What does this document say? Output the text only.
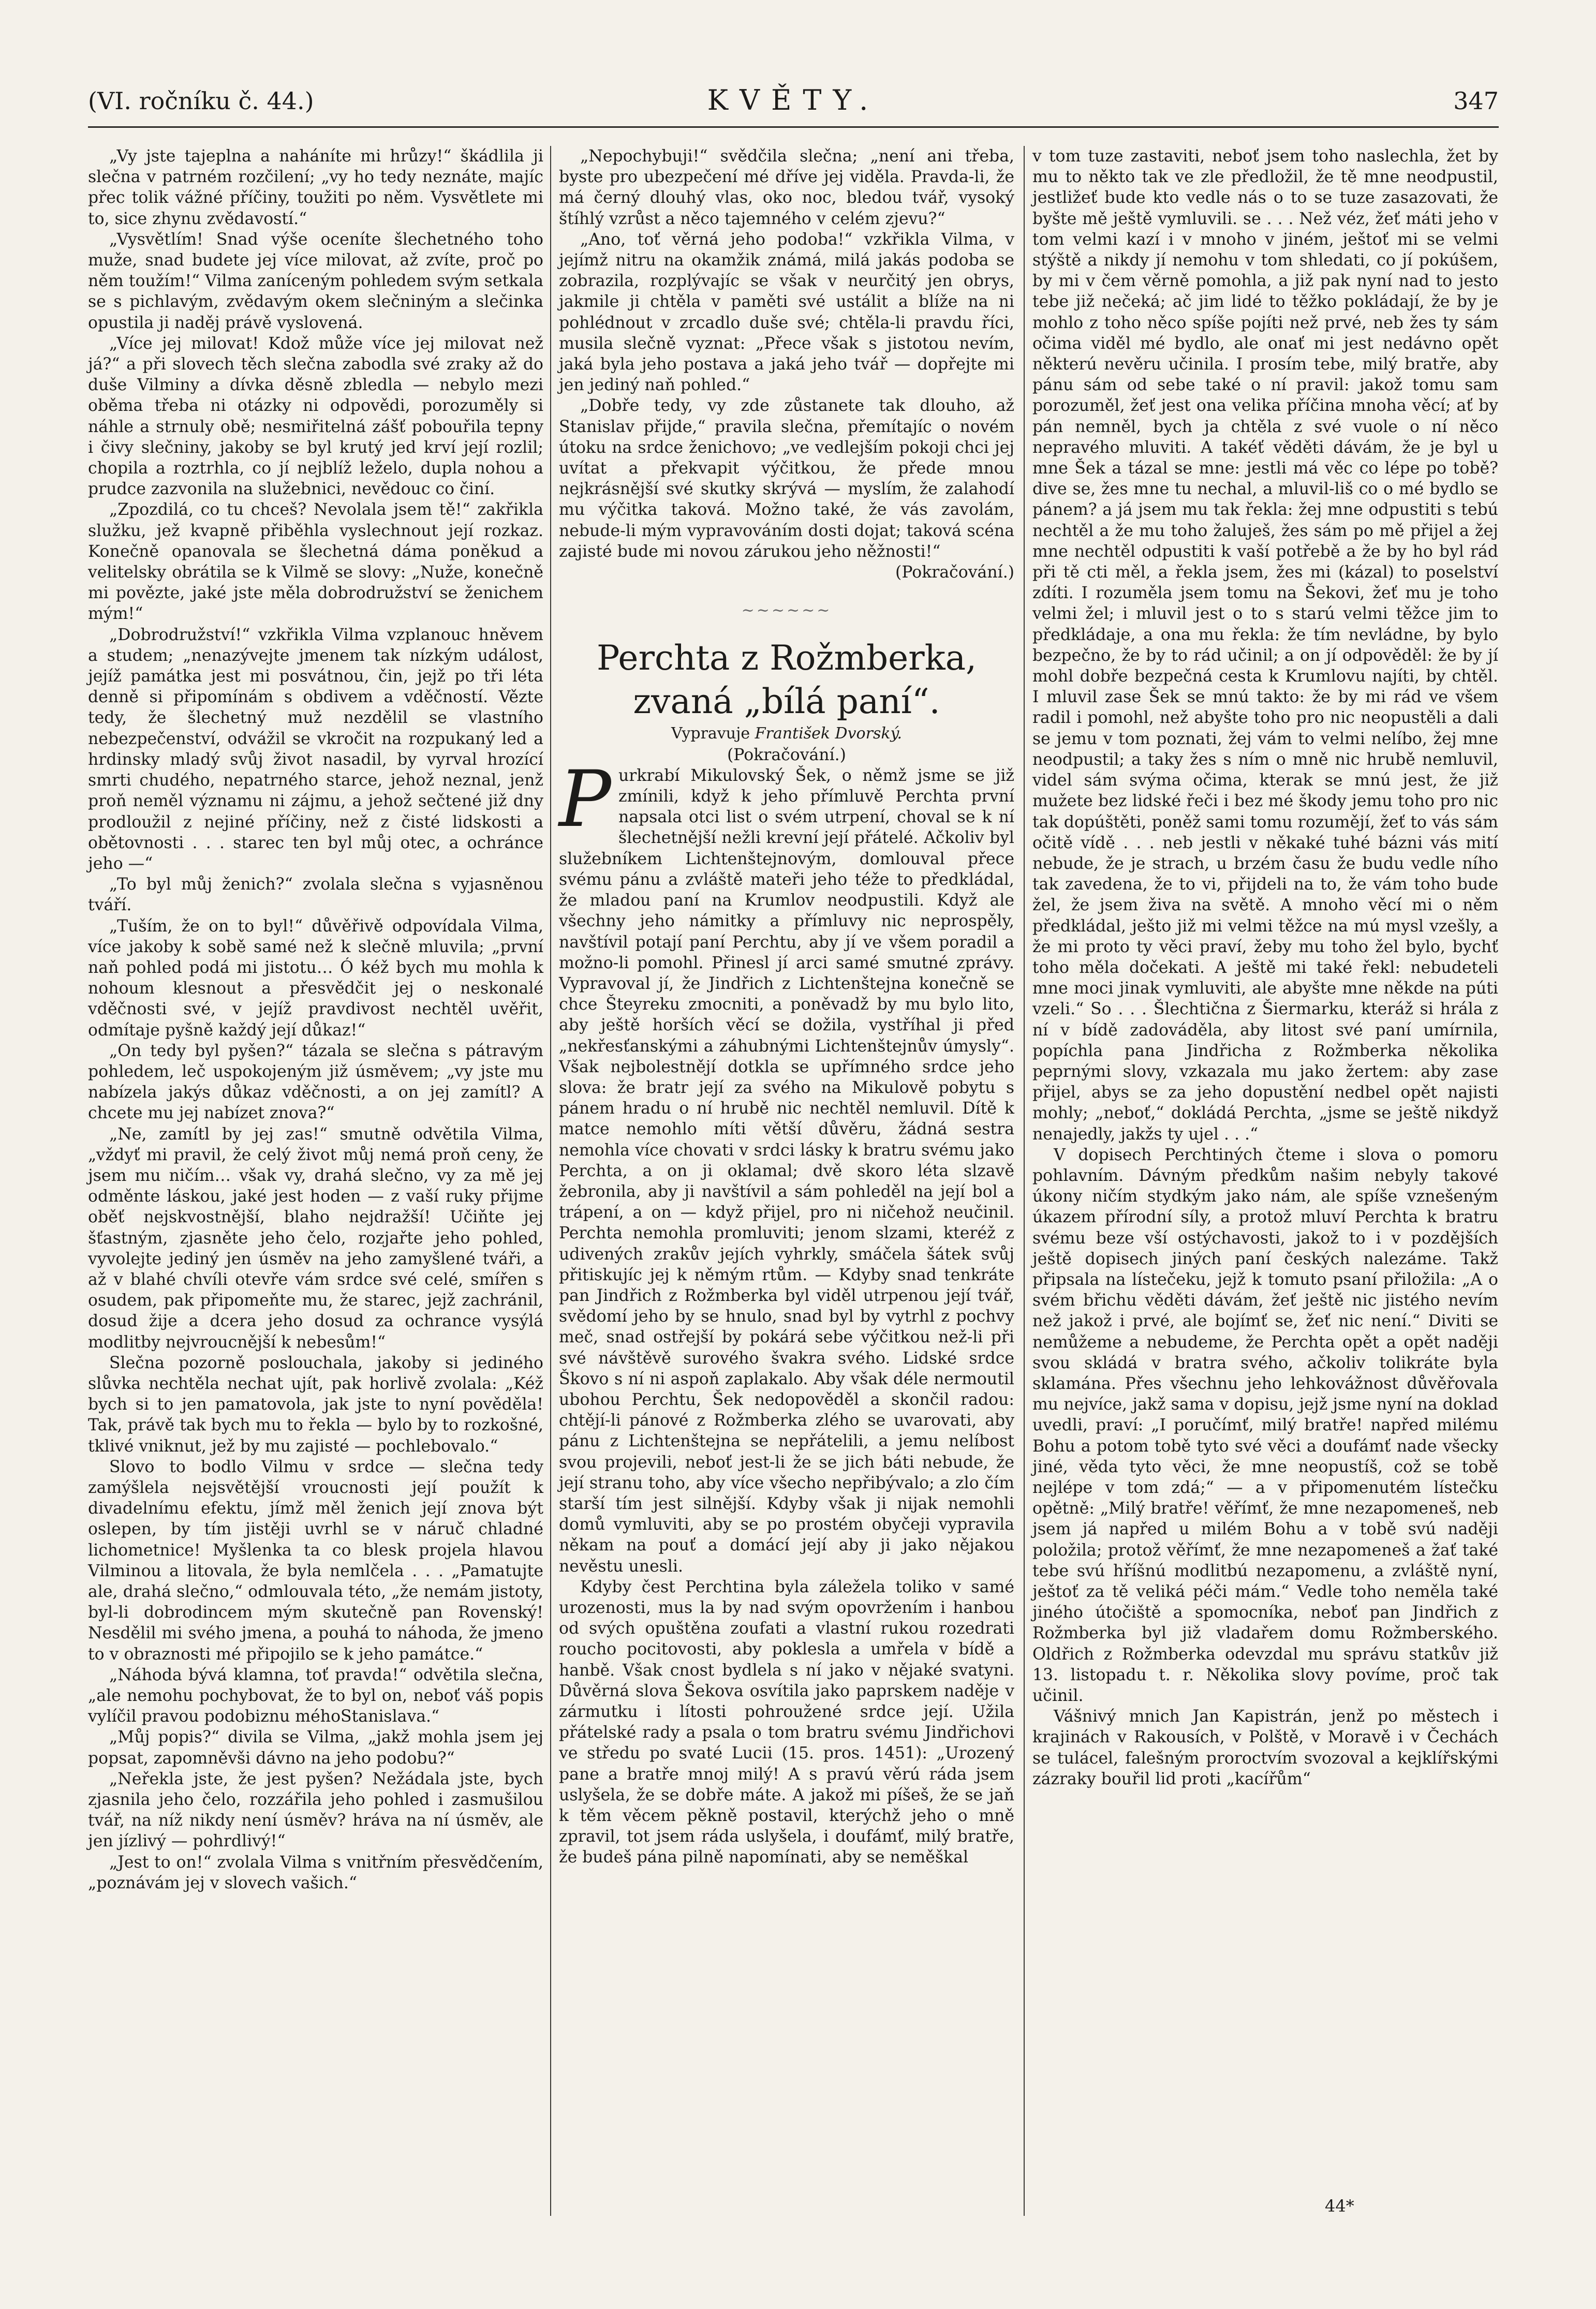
(VI. ročníku č. 44.)	KVĚTY.	347

„Vy jste tajeplna a naháníte mi hrůzy!“ škádlila ji slečna v patrném rozčilení; „vy ho tedy neznáte, majíc přec tolik vážné příčiny, toužiti po něm. Vysvětlete mi to, sice zhynu zvědavostí.“

„Vysvětlím! Snad výše oceníte šlechetného toho muže, snad budete jej více milovat, až zvíte, proč po něm toužím!“ Vilma zaníceným pohledem svým setkala se s pichlavým, zvědavým okem slečniným a slečinka opustila ji naděj právě vyslovená.

„Více jej milovat! Kdož může více jej milovat než já?“ a při slovech těch slečna zabodla své zraky až do duše Vilminy a dívka děsně zbledla — nebylo mezi oběma třeba ni otázky ni odpovědi, porozuměly si náhle a strnuly obě; nesmiřitelná zášť pobouřila tepny i čivy slečniny, jakoby se byl krutý jed krví její rozlil; chopila a roztrhla, co jí nejblíž leželo, dupla nohou a prudce zazvonila na služebnici, nevědouc co činí.

„Zpozdilá, co tu chceš? Nevolala jsem tě!“ zakřikla služku, jež kvapně přiběhla vyslechnout její rozkaz. Konečně opanovala se šlechetná dáma poněkud a velitelsky obrátila se k Vilmě se slovy: „Nuže, konečně mi povězte, jaké jste měla dobrodružství se ženichem mým!“

„Dobrodružství!“ vzkřikla Vilma vzplanouc hněvem a studem; „nenazývejte jmenem tak nízkým událost, jejíž památka jest mi posvátnou, čin, jejž po tři léta denně si připomínám s obdivem a vděčností. Vězte tedy, že šlechetný muž nezdělil se vlastního nebezpečenství, odvážil se vkročit na rozpukaný led a hrdinsky mladý svůj život nasadil, by vyrval hrozící smrti chudého, nepatrného starce, jehož neznal, jenž proň neměl významu ni zájmu, a jehož sečtené již dny prodloužil z nejiné příčiny, než z čisté lidskosti a obětovnosti . . . starec ten byl můj otec, a ochránce jeho —“

„To byl můj ženich?“ zvolala slečna s vyjasněnou tváří.

„Tuším, že on to byl!“ důvěřivě odpovídala Vilma, více jakoby k sobě samé než k slečně mluvila; „první naň pohled podá mi jistotu… Ó kéž bych mu mohla k nohoum klesnout a přesvědčit jej o neskonalé vděčnosti své, v jejíž pravdivost nechtěl uvěřit, odmítaje pyšně každý její důkaz!“

„On tedy byl pyšen?“ tázala se slečna s pátravým pohledem, leč uspokojeným již úsměvem; „vy jste mu nabízela jakýs důkaz vděčnosti, a on jej zamítl? A chcete mu jej nabízet znova?“

„Ne, zamítl by jej zas!“ smutně odvětila Vilma, „vždyť mi pravil, že celý život můj nemá proň ceny, že jsem mu ničím… však vy, drahá slečno, vy za mě jej odměnte láskou, jaké jest hoden — z vaší ruky přijme oběť nejskvostnější, blaho nejdražší! Učiňte jej šťastným, zjasněte jeho čelo, rozjařte jeho pohled, vyvolejte jediný jen úsměv na jeho zamyšlené tváři, a až v blahé chvíli otevře vám srdce své celé, smířen s osudem, pak připomeňte mu, že starec, jejž zachránil, dosud žije a dcera jeho dosud za ochrance vysýlá modlitby nejvroucnější k nebesům!“

Slečna pozorně poslouchala, jakoby si jediného slůvka nechtěla nechat ujít, pak horlivě zvolala: „Kéž bych si to jen pamatovola, jak jste to nyní pověděla! Tak, právě tak bych mu to řekla — bylo by to rozkošné, tklivé vniknut, jež by mu zajisté — pochlebovalo.“

Slovo to bodlo Vilmu v srdce — slečna tedy zamýšlela nejsvětější vroucnosti její použít k divadelnímu efektu, jímž měl ženich její znova být oslepen, by tím jistěji uvrhl se v náruč chladné lichometnice! Myšlenka ta co blesk projela hlavou Vilminou a litovala, že byla nemlčela . . . „Pamatujte ale, drahá slečno,“ odmlouvala této, „že nemám jistoty, byl-li dobrodincem mým skutečně pan Rovenský! Nesdělil mi svého jmena, a pouhá to náhoda, že jmeno to v obraznosti mé připojilo se k jeho památce.“

„Náhoda bývá klamna, toť pravda!“ odvětila slečna, „ale nemohu pochybovat, že to byl on, neboť váš popis vylíčil pravou podobiznu méhoStanislava.“

„Můj popis?“ divila se Vilma, „jakž mohla jsem jej popsat, zapomněvši dávno na jeho podobu?“

„Neřekla jste, že jest pyšen? Nežádala jste, bych zjasnila jeho čelo, rozzářila jeho pohled i zasmušilou tvář, na níž nikdy není úsměv? hráva na ní úsměv, ale jen jízlivý — pohrdlivý!“

„Jest to on!“ zvolala Vilma s vnitřním přesvědčením, „poznávám jej v slovech vašich.“

„Nepochybuji!“ svědčila slečna; „není ani třeba, byste pro ubezpečení mé dříve jej viděla. Pravda-li, že má černý dlouhý vlas, oko noc, bledou tvář, vysoký štíhlý vzrůst a něco tajemného v celém zjevu?“

„Ano, toť věrná jeho podoba!“ vzkřikla Vilma, v jejímž nitru na okamžik známá, milá jakás podoba se zobrazila, rozplývajíc se však v neurčitý jen obrys, jakmile ji chtěla v paměti své ustálit a blíže na ni pohlédnout v zrcadlo duše své; chtěla-li pravdu říci, musila slečně vyznat: „Přece však s jistotou nevím, jaká byla jeho postava a jaká jeho tvář — dopřejte mi jen jediný naň pohled.“

„Dobře tedy, vy zde zůstanete tak dlouho, až Stanislav přijde,“ pravila slečna, přemítajíc o novém útoku na srdce ženichovo; „ve vedlejším pokoji chci jej uvítat a překvapit výčitkou, že přede mnou nejkrásnější své skutky skrývá — myslím, že zalahodí mu výčitka taková. Možno také, že vás zavolám, nebude-li mým vypravováním dosti dojat; taková scéna zajisté bude mi novou zárukou jeho něžnosti!“

(Pokračování.)

~~~~~~

Perchta z Rožmberka, zvaná „bílá paní“.

Vypravuje František Dvorský.

(Pokračování.)

Purkrabí Mikulovský Šek, o němž jsme se již zmínili, když k jeho přímluvě Perchta první napsala otci list o svém utrpení, choval se k ní šlechetnější nežli krevní její přátelé. Ačkoliv byl služebníkem Lichtenštejnovým, domlouval přece svému pánu a zvláště mateři jeho téže to předkládal, že mladou paní na Krumlov neodpustili. Když ale všechny jeho námitky a přímluvy nic neprospěly, navštívil potají paní Perchtu, aby jí ve všem poradil a možno-li pomohl. Přinesl jí arci samé smutné zprávy. Vypravoval jí, že Jindřich z Lichtenštejna konečně se chce Šteyreku zmocniti, a poněvadž by mu bylo lito, aby ještě horších věcí se dožila, vystříhal ji před „nekřesťanskými a záhubnými Lichtenštejnův úmysly“. Však nejbolestnějí dotkla se upřímného srdce jeho slova: že bratr její za svého na Mikulově pobytu s pánem hradu o ní hrubě nic nechtěl nemluvil. Dítě k matce nemohlo míti větší důvěru, žádná sestra nemohla více chovati v srdci lásky k bratru svému jako Perchta, a on ji oklamal; dvě skoro léta slzavě žebronila, aby ji navštívil a sám pohleděl na její bol a trápení, a on — když přijel, pro ni ničehož neučinil. Perchta nemohla promluviti; jenom slzami, kteréž z udivených zrakův jejích vyhrkly, smáčela šátek svůj přitiskujíc jej k němým rtům. — Kdyby snad tenkráte pan Jindřich z Rožmberka byl viděl utrpenou její tvář, svědomí jeho by se hnulo, snad byl by vytrhl z pochvy meč, snad ostřejší by pokárá sebe výčitkou než-li při své návštěvě surového švakra svého. Lidské srdce Škovo s ní ni aspoň zaplakalo. Aby však déle nermoutil ubohou Perchtu, Šek nedopověděl a skončil radou: chtějí-li pánové z Rožmberka zlého se uvarovati, aby pánu z Lichtenštejna se nepřátelili, a jemu nelíbost svou projevili, neboť jest-li že se jich báti nebude, že její stranu toho, aby více všecho nepřibývalo; a zlo čím starší tím jest silnější. Kdyby však ji nijak nemohli domů vymluviti, aby se po prostém obyčeji vypravila někam na pouť a domácí její aby ji jako nějakou nevěstu unesli.

Kdyby čest Perchtina byla záležela toliko v samé urozenosti, mus la by nad svým opovržením i hanbou od svých opuštěna zoufati a vlastní rukou rozedrati roucho pocitovosti, aby poklesla a umřela v bídě a hanbě. Však cnost bydlela s ní jako v nějaké svatyni. Důvěrná slova Šekova osvítila jako paprskem naděje v zármutku i lítosti pohroužené srdce její. Užila přátelské rady a psala o tom bratru svému Jindřichovi ve středu po svaté Lucii (15. pros. 1451): „Urozený pane a bratře mnoj milý! A s pravú věrú ráda jsem uslyšela, že se dobře máte. A jakož mi píšeš, že se jaň k těm věcem pěkně postavil, kterýchž jeho o mně zpravil, tot jsem ráda uslyšela, i doufámť, milý bratře, že budeš pána pilně napomínati, aby se neměškal

v tom tuze zastaviti, neboť jsem toho naslechla, žet by mu to někto tak ve zle předložil, že tě mne neodpustil, jestližeť bude kto vedle nás o to se tuze zasazovati, že byšte mě ještě vymluvili. se . . . Než véz, žeť máti jeho v tom velmi kazí i v mnoho v jiném, ještoť mi se velmi stýště a nikdy jí nemohu v tom shledati, co jí pokúšem, by mi v čem věrně pomohla, a již pak nyní nad to jesto tebe již nečeká; ač jim lidé to těžko pokládají, že by je mohlo z toho něco spíše pojíti než prvé, neb žes ty sám očima viděl mé bydlo, ale onať mi jest nedávno opět některú nevěru učinila. I prosím tebe, milý bratře, aby pánu sám od sebe také o ní pravil: jakož tomu sam porozuměl, žeť jest ona velika příčina mnoha věcí; ať by pán nemněl, bych ja chtěla z své vuole o ní něco nepravého mluviti. A takéť věděti dávám, že je byl u mne Šek a tázal se mne: jestli má věc co lépe po tobě? dive se, žes mne tu nechal, a mluvil-liš co o mé bydlo se pánem? a já jsem mu tak řekla: žej mne odpustiti s tebú nechtěl a že mu toho žaluješ, žes sám po mě přijel a žej mne nechtěl odpustiti k vaší potřebě a že by ho byl rád při tě cti měl, a řekla jsem, žes mi (kázal) to poselství zdíti. I rozuměla jsem tomu na Šekovi, žeť mu je toho velmi žel; i mluvil jest o to s starú velmi těžce jim to předkládaje, a ona mu řekla: že tím nevládne, by bylo bezpečno, že by to rád učinil; a on jí odpověděl: že by jí mohl dobře bezpečná cesta k Krumlovu najíti, by chtěl. I mluvil zase Šek se mnú takto: že by mi rád ve všem radil i pomohl, než abyšte toho pro nic neopustěli a dali se jemu v tom poznati, žej vám to velmi nelíbo, žej mne neodpustil; a taky žes s ním o mně nic hrubě nemluvil, videl sám svýma očima, kterak se mnú jest, že již mužete bez lidské řeči i bez mé škody jemu toho pro nic tak dopúštěti, poněž sami tomu rozumějí, žeť to vás sám očitě vídě . . . neb jestli v někaké tuhé bázni vás mití nebude, že je strach, u brzém času že budu vedle ního tak zavedena, že to vi, přijdeli na to, že vám toho bude žel, že jsem živa na světě. A mnoho věcí mi o něm předkládal, ješto již mi velmi těžce na mú mysl vzešly, a že mi proto ty věci praví, žeby mu toho žel bylo, bychť toho měla dočekati. A ještě mi také řekl: nebudeteli mne moci jinak vymluviti, ale abyšte mne někde na púti vzeli.“ So . . . Šlechtična z Šiermarku, kteráž si hrála z ní v bídě zadováděla, aby litost své paní umírnila, popíchla pana Jindřicha z Rožmberka několika peprnými slovy, vzkazala mu jako žertem: aby zase přijel, abys se za jeho dopustění nedbel opět najisti mohly; „neboť,“ dokládá Perchta, „jsme se ještě nikdyž nenajedly, jakžs ty ujel . . .“

V dopisech Perchtiných čteme i slova o pomoru pohlavním. Dávným předkům našim nebyly takové úkony ničím stydkým jako nám, ale spíše vznešeným úkazem přírodní síly, a protož mluví Perchta k bratru svému beze vší ostýchavosti, jakož to i v pozdějších ještě dopisech jiných paní českých nalezáme. Takž připsala na lístečeku, jejž k tomuto psaní přiložila: „A o svém břichu věděti dávám, žeť ještě nic jistého nevím než jakož i prvé, ale bojímť se, žeť nic není.“ Diviti se nemůžeme a nebudeme, že Perchta opět a opět naději svou skládá v bratra svého, ačkoliv tolikráte byla sklamána. Přes všechnu jeho lehkovážnost důvěřovala mu nejvíce, jakž sama v dopisu, jejž jsme nyní na doklad uvedli, praví: „I poručímť, milý bratře! napřed milému Bohu a potom tobě tyto své věci a doufámť nade všecky jiné, věda tyto věci, že mne neopustíš, což se tobě nejlépe v tom zdá;“ — a v připomenutém lístečku opětně: „Milý bratře! věřímť, že mne nezapomeneš, neb jsem já napřed u milém Bohu a v tobě svú naději položila; protož věřímť, že mne nezapomeneš a žať také tebe svú hříšnú modlitbú nezapomenu, a zvláště nyní, ještoť za tě veliká péči mám.“ Vedle toho neměla také jiného útočiště a spomocníka, neboť pan Jindřich z Rožmberka byl již vladařem domu Rožmberského. Oldřich z Rožmberka odevzdal mu správu statkův již 13. listopadu t. r. Několika slovy povíme, proč tak učinil.

Vášnivý mnich Jan Kapistrán, jenž po městech i krajinách v Rakousích, v Polště, v Moravě i v Čechách se tulácel, falešným proroctvím svozoval a kejklířskými zázraky bouřil lid proti „kacířům“

44*
